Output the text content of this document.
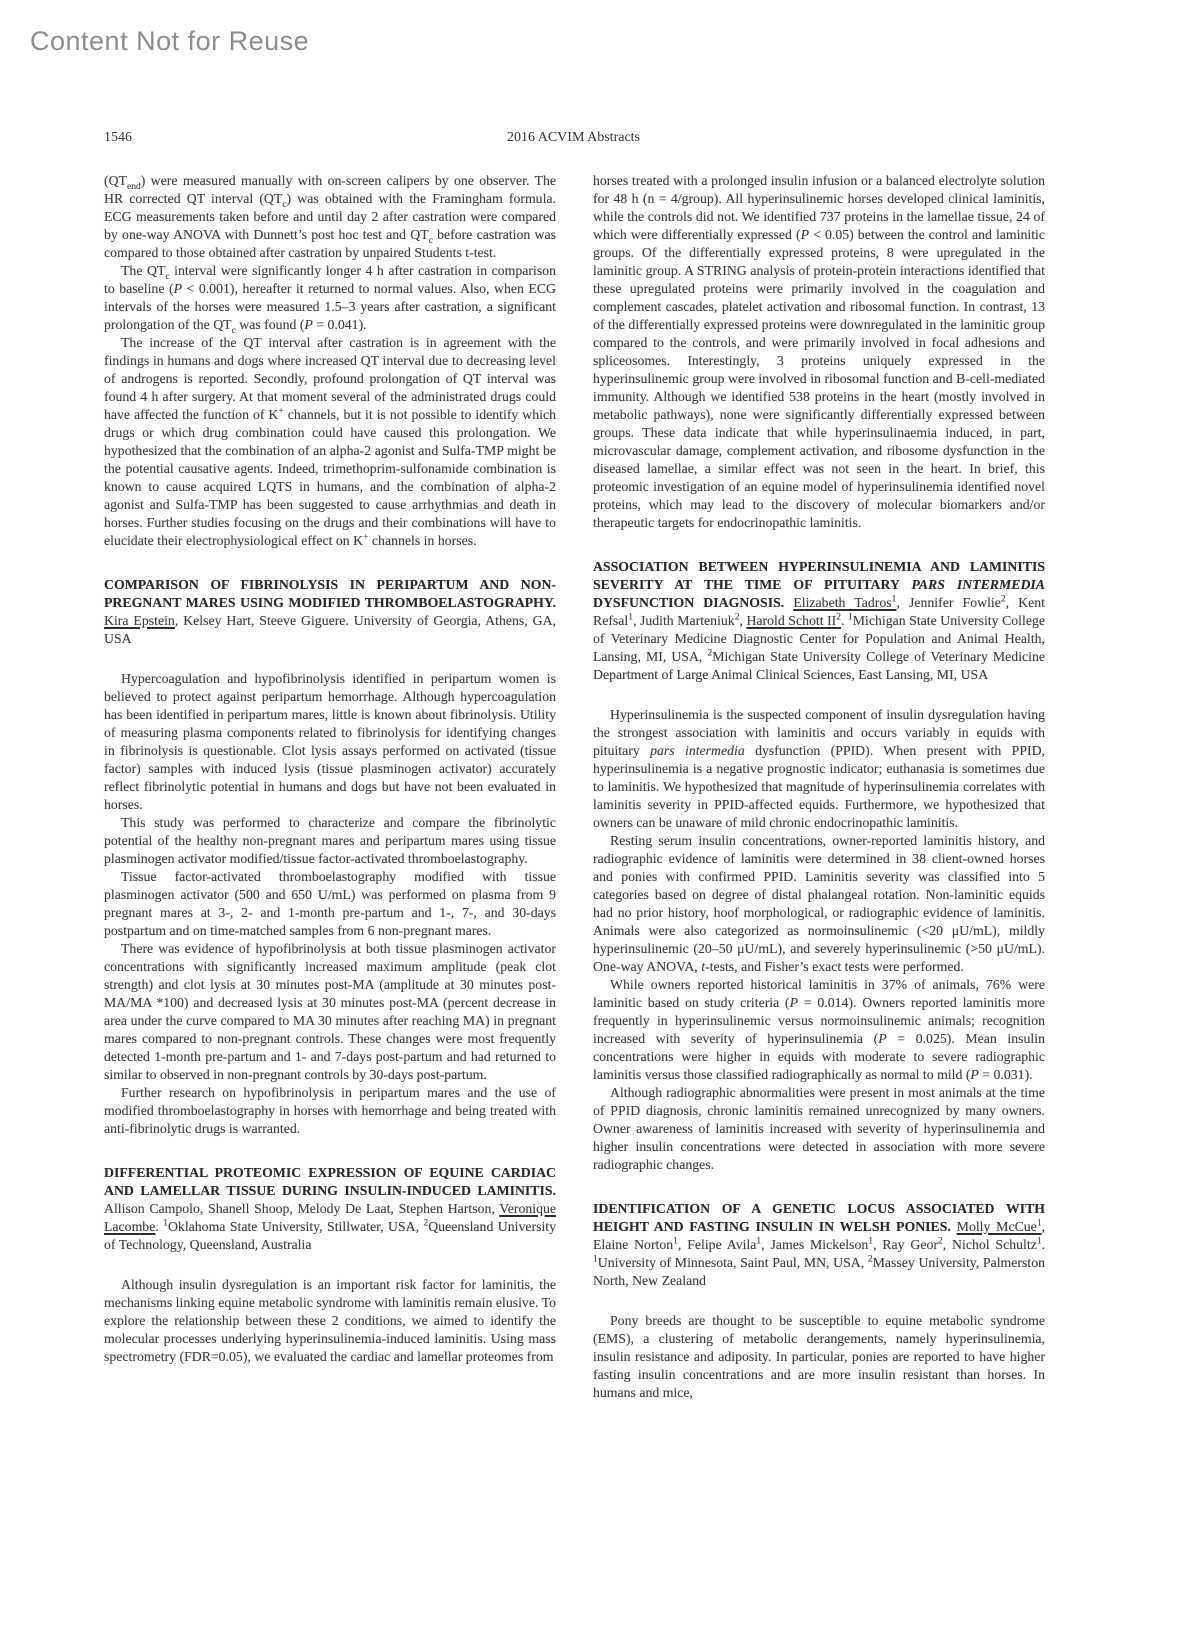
Content Not for Reuse
1546	2016 ACVIM Abstracts
$(QT_{end})$ were measured manually with on-screen calipers by one observer. The HR corrected QT interval $(QT_c)$ was obtained with the Framingham formula. ECG measurements taken before and until day 2 after castration were compared by one-way ANOVA with Dunnett’s post hoc test and $QT_c$ before castration was compared to those obtained after castration by unpaired Students t-test.
The $QT_c$ interval were significantly longer 4 h after castration in comparison to baseline (P < 0.001), hereafter it returned to normal values. Also, when ECG intervals of the horses were measured 1.5–3 years after castration, a significant prolongation of the $QT_c$ was found (P = 0.041).
The increase of the QT interval after castration is in agreement with the findings in humans and dogs where increased QT interval due to decreasing level of androgens is reported. Secondly, profound prolongation of QT interval was found 4 h after surgery. At that moment several of the administrated drugs could have affected the function of K+ channels, but it is not possible to identify which drugs or which drug combination could have caused this prolongation. We hypothesized that the combination of an alpha-2 agonist and Sulfa-TMP might be the potential causative agents. Indeed, trimethoprim-sulfonamide combination is known to cause acquired LQTS in humans, and the combination of alpha-2 agonist and Sulfa-TMP has been suggested to cause arrhythmias and death in horses. Further studies focusing on the drugs and their combinations will have to elucidate their electrophysiological effect on K+ channels in horses.
COMPARISON OF FIBRINOLYSIS IN PERIPARTUM AND NON-PREGNANT MARES USING MODIFIED THROMBOELASTOGRAPHY. Kira Epstein, Kelsey Hart, Steeve Giguere. University of Georgia, Athens, GA, USA
Hypercoagulation and hypofibrinolysis identified in peripartum women is believed to protect against peripartum hemorrhage. Although hypercoagulation has been identified in peripartum mares, little is known about fibrinolysis. Utility of measuring plasma components related to fibrinolysis for identifying changes in fibrinolysis is questionable. Clot lysis assays performed on activated (tissue factor) samples with induced lysis (tissue plasminogen activator) accurately reflect fibrinolytic potential in humans and dogs but have not been evaluated in horses.
This study was performed to characterize and compare the fibrinolytic potential of the healthy non-pregnant mares and peripartum mares using tissue plasminogen activator modified/tissue factor-activated thromboelastography.
Tissue factor-activated thromboelastography modified with tissue plasminogen activator (500 and 650 U/mL) was performed on plasma from 9 pregnant mares at 3-, 2- and 1-month pre-partum and 1-, 7-, and 30-days postpartum and on time-matched samples from 6 non-pregnant mares.
There was evidence of hypofibrinolysis at both tissue plasminogen activator concentrations with significantly increased maximum amplitude (peak clot strength) and clot lysis at 30 minutes post-MA (amplitude at 30 minutes post-MA/MA *100) and decreased lysis at 30 minutes post-MA (percent decrease in area under the curve compared to MA 30 minutes after reaching MA) in pregnant mares compared to non-pregnant controls. These changes were most frequently detected 1-month pre-partum and 1- and 7-days post-partum and had returned to similar to observed in non-pregnant controls by 30-days post-partum.
Further research on hypofibrinolysis in peripartum mares and the use of modified thromboelastography in horses with hemorrhage and being treated with anti-fibrinolytic drugs is warranted.
DIFFERENTIAL PROTEOMIC EXPRESSION OF EQUINE CARDIAC AND LAMELLAR TISSUE DURING INSULIN-INDUCED LAMINITIS. Allison Campolo, Shanell Shoop, Melody De Laat, Stephen Hartson, Veronique Lacombe. $^1$Oklahoma State University, Stillwater, USA, $^2$Queensland University of Technology, Queensland, Australia
Although insulin dysregulation is an important risk factor for laminitis, the mechanisms linking equine metabolic syndrome with laminitis remain elusive. To explore the relationship between these 2 conditions, we aimed to identify the molecular processes underlying hyperinsulinemia-induced laminitis. Using mass spectrometry (FDR=0.05), we evaluated the cardiac and lamellar proteomes from
horses treated with a prolonged insulin infusion or a balanced electrolyte solution for 48 h (n = 4/group). All hyperinsulinemic horses developed clinical laminitis, while the controls did not. We identified 737 proteins in the lamellae tissue, 24 of which were differentially expressed (P < 0.05) between the control and laminitic groups. Of the differentially expressed proteins, 8 were upregulated in the laminitic group. A STRING analysis of protein-protein interactions identified that these upregulated proteins were primarily involved in the coagulation and complement cascades, platelet activation and ribosomal function. In contrast, 13 of the differentially expressed proteins were downregulated in the laminitic group compared to the controls, and were primarily involved in focal adhesions and spliceosomes. Interestingly, 3 proteins uniquely expressed in the hyperinsulinemic group were involved in ribosomal function and B-cell-mediated immunity. Although we identified 538 proteins in the heart (mostly involved in metabolic pathways), none were significantly differentially expressed between groups. These data indicate that while hyperinsulinaemia induced, in part, microvascular damage, complement activation, and ribosome dysfunction in the diseased lamellae, a similar effect was not seen in the heart. In brief, this proteomic investigation of an equine model of hyperinsulinemia identified novel proteins, which may lead to the discovery of molecular biomarkers and/or therapeutic targets for endocrinopathic laminitis.
ASSOCIATION BETWEEN HYPERINSULINEMIA AND LAMINITIS SEVERITY AT THE TIME OF PITUITARY PARS INTERMEDIA DYSFUNCTION DIAGNOSIS. Elizabeth Tadros$^1$, Jennifer Fowlie$^2$, Kent Refsal$^1$, Judith Marteniuk$^2$, Harold Schott $II^2$. $^1$Michigan State University College of Veterinary Medicine Diagnostic Center for Population and Animal Health, Lansing, MI, USA, $^2$Michigan State University College of Veterinary Medicine Department of Large Animal Clinical Sciences, East Lansing, MI, USA
Hyperinsulinemia is the suspected component of insulin dysregulation having the strongest association with laminitis and occurs variably in equids with pituitary pars intermedia dysfunction (PPID). When present with PPID, hyperinsulinemia is a negative prognostic indicator; euthanasia is sometimes due to laminitis. We hypothesized that magnitude of hyperinsulinemia correlates with laminitis severity in PPID-affected equids. Furthermore, we hypothesized that owners can be unaware of mild chronic endocrinopathic laminitis.
Resting serum insulin concentrations, owner-reported laminitis history, and radiographic evidence of laminitis were determined in 38 client-owned horses and ponies with confirmed PPID. Laminitis severity was classified into 5 categories based on degree of distal phalangeal rotation. Non-laminitic equids had no prior history, hoof morphological, or radiographic evidence of laminitis. Animals were also categorized as normoinsulinemic (<20 μU/mL), mildly hyperinsulinemic (20–50 μU/mL), and severely hyperinsulinemic (>50 μU/mL). One-way ANOVA, t-tests, and Fisher’s exact tests were performed.
While owners reported historical laminitis in 37% of animals, 76% were laminitic based on study criteria (P = 0.014). Owners reported laminitis more frequently in hyperinsulinemic versus normoinsulinemic animals; recognition increased with severity of hyperinsulinemia (P = 0.025). Mean insulin concentrations were higher in equids with moderate to severe radiographic laminitis versus those classified radiographically as normal to mild (P = 0.031).
Although radiographic abnormalities were present in most animals at the time of PPID diagnosis, chronic laminitis remained unrecognized by many owners. Owner awareness of laminitis increased with severity of hyperinsulinemia and higher insulin concentrations were detected in association with more severe radiographic changes.
IDENTIFICATION OF A GENETIC LOCUS ASSOCIATED WITH HEIGHT AND FASTING INSULIN IN WELSH PONIES. Molly McCue$^1$, Elaine Norton$^1$, Felipe Avila$^1$, James Mickelson$^1$, Ray Geor$^2$, Nichol Schultz$^1$. $^1$University of Minnesota, Saint Paul, MN, USA, $^2$Massey University, Palmerston North, New Zealand
Pony breeds are thought to be susceptible to equine metabolic syndrome (EMS), a clustering of metabolic derangements, namely hyperinsulinemia, insulin resistance and adiposity. In particular, ponies are reported to have higher fasting insulin concentrations and are more insulin resistant than horses. In humans and mice,
